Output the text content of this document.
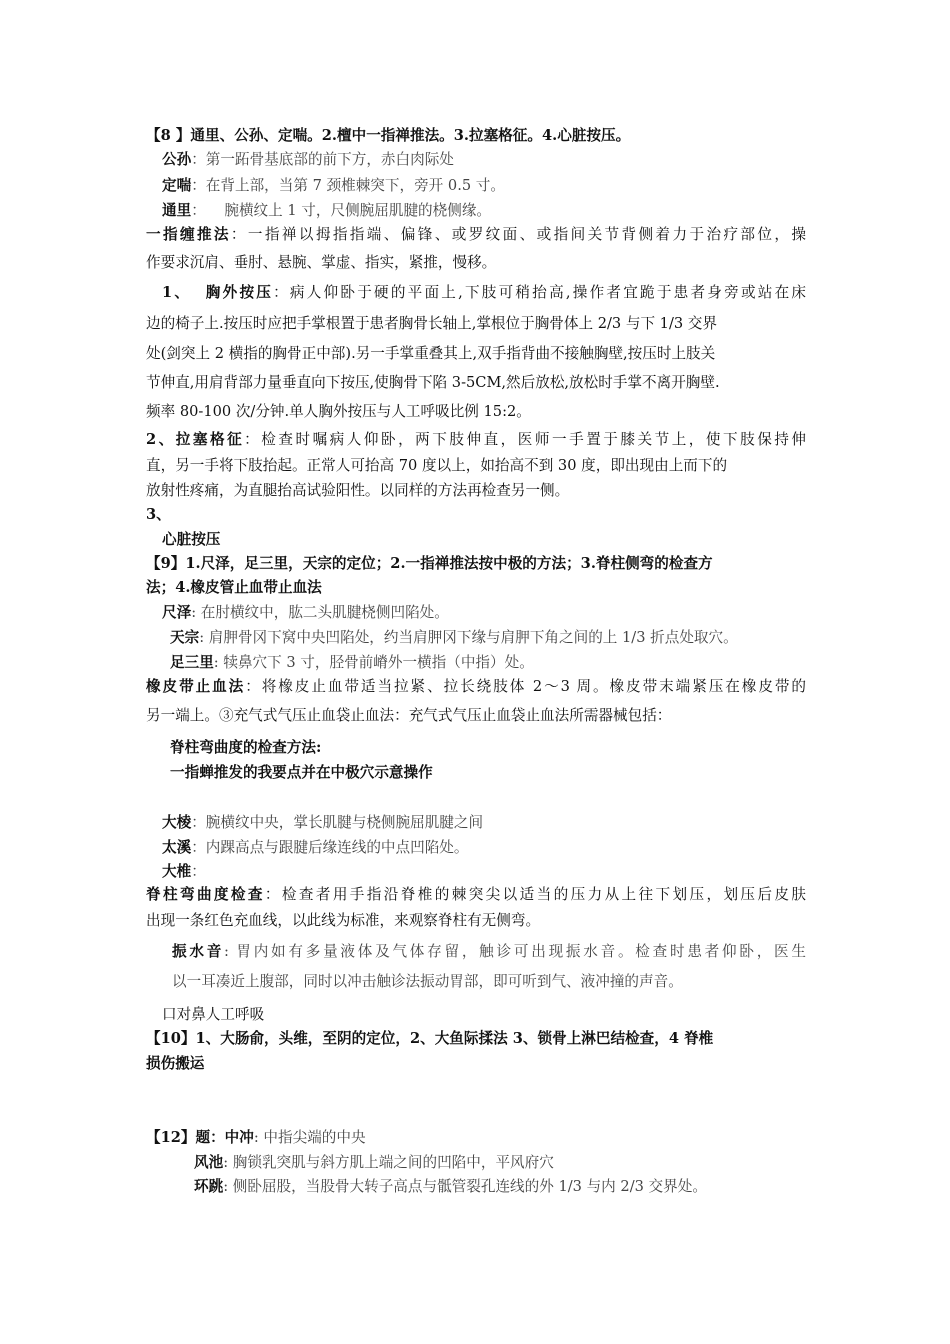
【8 】通里、公孙、定喘。2.檀中一指禅推法。3.拉塞格征。4.心脏按压。
公孙：第一跖骨基底部的前下方，赤白肉际处
定喘：在背上部，当第 7 颈椎棘突下，旁开 0.5 寸。
通里：    腕横纹上 1 寸，尺侧腕屈肌腱的桡侧缘。
一指缠推法：一指禅以拇指指端、偏锋、或罗纹面、或指间关节背侧着力于治疗部位，操
作要求沉肩、垂肘、悬腕、掌虚、指实，紧推，慢移。
1、  胸外按压：病人仰卧于硬的平面上,下肢可稍抬高,操作者宜跪于患者身旁或站在床
边的椅子上.按压时应把手掌根置于患者胸骨长轴上,掌根位于胸骨体上 2/3 与下 1/3 交界
处(剑突上 2 横指的胸骨正中部).另一手掌重叠其上,双手指背曲不接触胸壁,按压时上肢关
节伸直,用肩背部力量垂直向下按压,使胸骨下陷 3-5CM,然后放松,放松时手掌不离开胸壁.
频率 80-100 次/分钟.单人胸外按压与人工呼吸比例 15:2。
2、拉塞格征：检查时嘱病人仰卧，两下肢伸直，医师一手置于膝关节上，使下肢保持伸
直，另一手将下肢抬起。正常人可抬高 70 度以上，如抬高不到 30 度，即出现由上而下的
放射性疼痛，为直腿抬高试验阳性。以同样的方法再检查另一侧。
3、
心脏按压
【9】1.尺泽，足三里，天宗的定位；2.一指禅推法按中极的方法；3.脊柱侧弯的检查方
法；4.橡皮管止血带止血法
尺泽: 在肘横纹中，肱二头肌腱桡侧凹陷处。
天宗: 肩胛骨冈下窝中央凹陷处，约当肩胛冈下缘与肩胛下角之间的上 1/3 折点处取穴。
足三里: 犊鼻穴下 3 寸，胫骨前嵴外一横指（中指）处。
橡皮带止血法：将橡皮止血带适当拉紧、拉长绕肢体 2～3 周。橡皮带末端紧压在橡皮带的
另一端上。③充气式气压止血袋止血法：充气式气压止血袋止血法所需器械包括：
脊柱弯曲度的检查方法:
一指蝉推发的我要点并在中极穴示意操作
大棱：腕横纹中央，掌长肌腱与桡侧腕屈肌腱之间
太溪：内踝高点与跟腱后缘连线的中点凹陷处。
大椎：
脊柱弯曲度检查：检查者用手指沿脊椎的棘突尖以适当的压力从上往下划压，划压后皮肤
出现一条红色充血线，以此线为标准，来观察脊柱有无侧弯。
振水音: 胃内如有多量液体及气体存留，触诊可出现振水音。检查时患者仰卧，医生
以一耳凑近上腹部，同时以冲击触诊法振动胃部，即可听到气、液冲撞的声音。
口对鼻人工呼吸
【10】1、大肠俞，头维，至阴的定位，2、大鱼际揉法 3、锁骨上淋巴结检查，4 脊椎
损伤搬运
【12】题：中冲: 中指尖端的中央
风池: 胸锁乳突肌与斜方肌上端之间的凹陷中，平风府穴
环跳: 侧卧屈股，当股骨大转子高点与骶管裂孔连线的外 1/3 与内 2/3 交界处。
